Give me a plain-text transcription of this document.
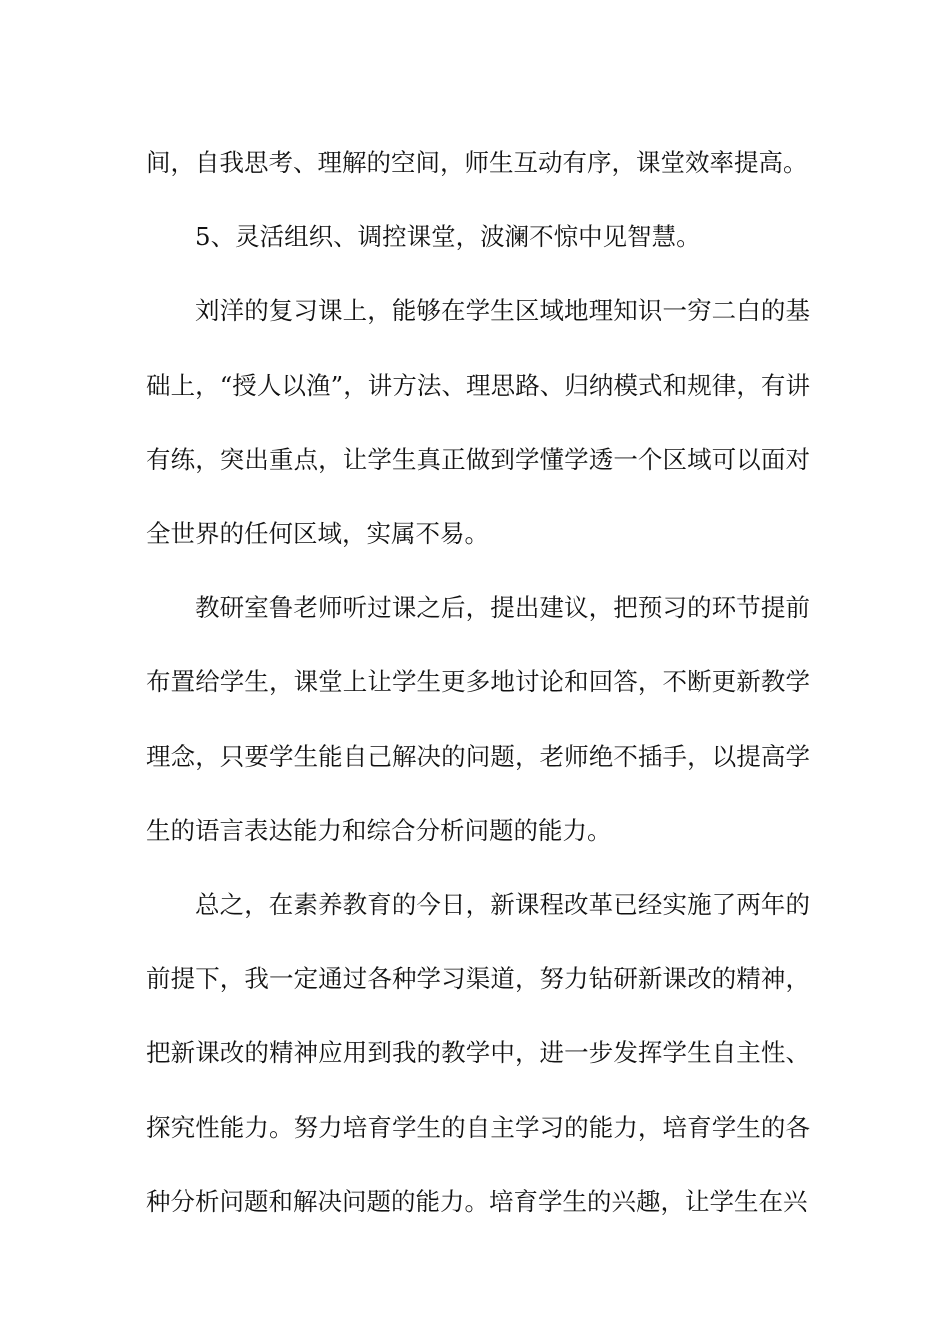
间，自我思考、理解的空间，师生互动有序，课堂效率提高。

5、灵活组织、调控课堂，波澜不惊中见智慧。

刘洋的复习课上，能够在学生区域地理知识一穷二白的基础上，“授人以渔”，讲方法、理思路、归纳模式和规律，有讲有练，突出重点，让学生真正做到学懂学透一个区域可以面对全世界的任何区域，实属不易。

教研室鲁老师听过课之后，提出建议，把预习的环节提前布置给学生，课堂上让学生更多地讨论和回答，不断更新教学理念，只要学生能自己解决的问题，老师绝不插手，以提高学生的语言表达能力和综合分析问题的能力。

总之，在素养教育的今日，新课程改革已经实施了两年的前提下，我一定通过各种学习渠道，努力钻研新课改的精神，把新课改的精神应用到我的教学中，进一步发挥学生自主性、探究性能力。努力培育学生的自主学习的能力，培育学生的各种分析问题和解决问题的能力。培育学生的兴趣，让学生在兴
